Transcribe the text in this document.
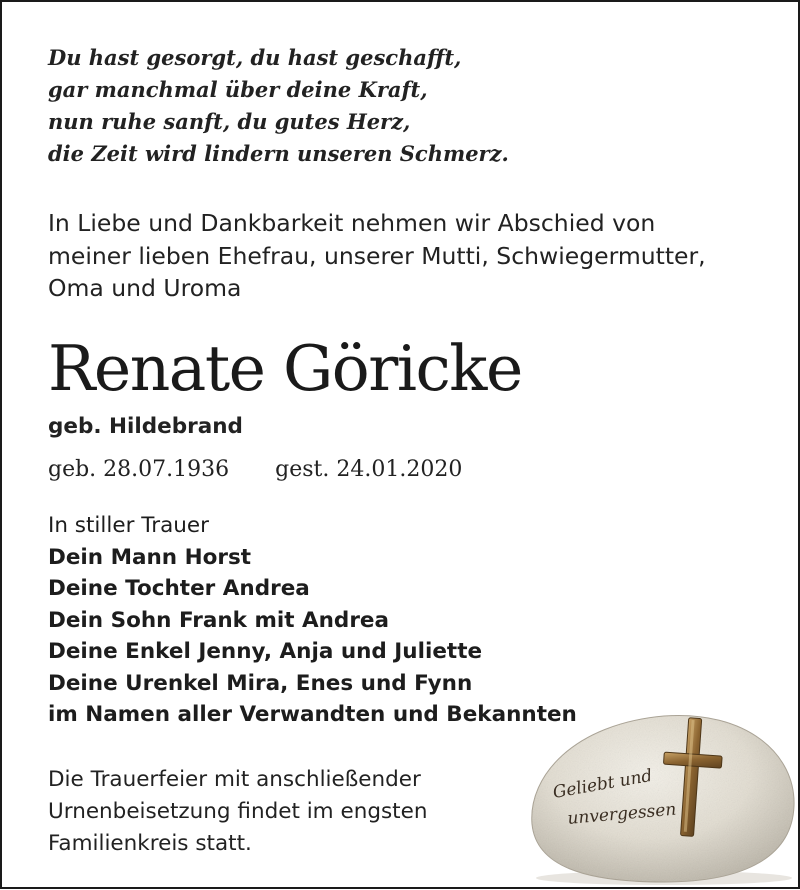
Du hast gesorgt, du hast geschafft,
gar manchmal über deine Kraft,
nun ruhe sanft, du gutes Herz,
die Zeit wird lindern unseren Schmerz.
In Liebe und Dankbarkeit nehmen wir Abschied von
meiner lieben Ehefrau, unserer Mutti, Schwiegermutter,
Oma und Uroma
Renate Göricke
geb. Hildebrand
geb. 28.07.1936 gest. 24.01.2020
In stiller Trauer
Dein Mann Horst
Deine Tochter Andrea
Dein Sohn Frank mit Andrea
Deine Enkel Jenny, Anja und Juliette
Deine Urenkel Mira, Enes und Fynn
im Namen aller Verwandten und Bekannten
Die Trauerfeier mit anschließender
Urnenbeisetzung findet im engsten
Familienkreis statt.
Geliebt und
unvergessen
